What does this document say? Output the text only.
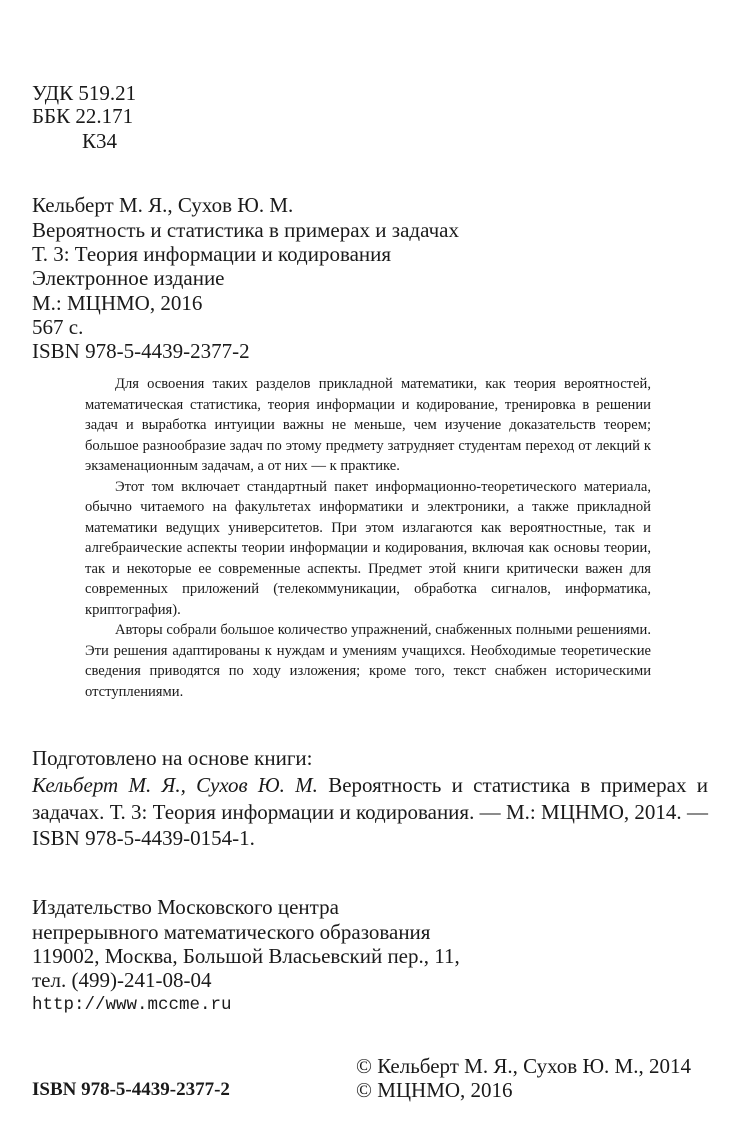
УДК 519.21
ББК 22.171
К34
Кельберт М. Я., Сухов Ю. М.
Вероятность и статистика в примерах и задачах
Т. 3: Теория информации и кодирования
Электронное издание
М.: МЦНМО, 2016
567 с.
ISBN 978-5-4439-2377-2

Для освоения таких разделов прикладной математики, как теория вероятностей, математическая статистика, теория информации и кодирование, тренировка в решении задач и выработка интуиции важны не меньше, чем изучение доказательств теорем; большое разнообразие задач по этому предмету затрудняет студентам переход от лекций к экзаменационным задачам, а от них — к практике.

Этот том включает стандартный пакет информационно-теоретического материала, обычно читаемого на факультетах информатики и электроники, а также прикладной математики ведущих университетов. При этом излагаются как вероятностные, так и алгебраические аспекты теории информации и кодирования, включая как основы теории, так и некоторые ее современные аспекты. Предмет этой книги критически важен для современных приложений (телекоммуникации, обработка сигналов, информатика, криптография).

Авторы собрали большое количество упражнений, снабженных полными решениями. Эти решения адаптированы к нуждам и умениям учащихся. Необходимые теоретические сведения приводятся по ходу изложения; кроме того, текст снабжен историческими отступлениями.

Подготовлено на основе книги:
Кельберт М. Я., Сухов Ю. М. Вероятность и статистика в примерах и задачах. Т. 3: Теория информации и кодирования. — М.: МЦНМО, 2014. — ISBN 978-5-4439-0154-1.
Издательство Московского центра
непрерывного математического образования
119002, Москва, Большой Власьевский пер., 11,
тел. (499)-241-08-04
http://www.mccme.ru
© Кельберт М. Я., Сухов Ю. М., 2014
ISBN 978-5-4439-2377-2	© МЦНМО, 2016
